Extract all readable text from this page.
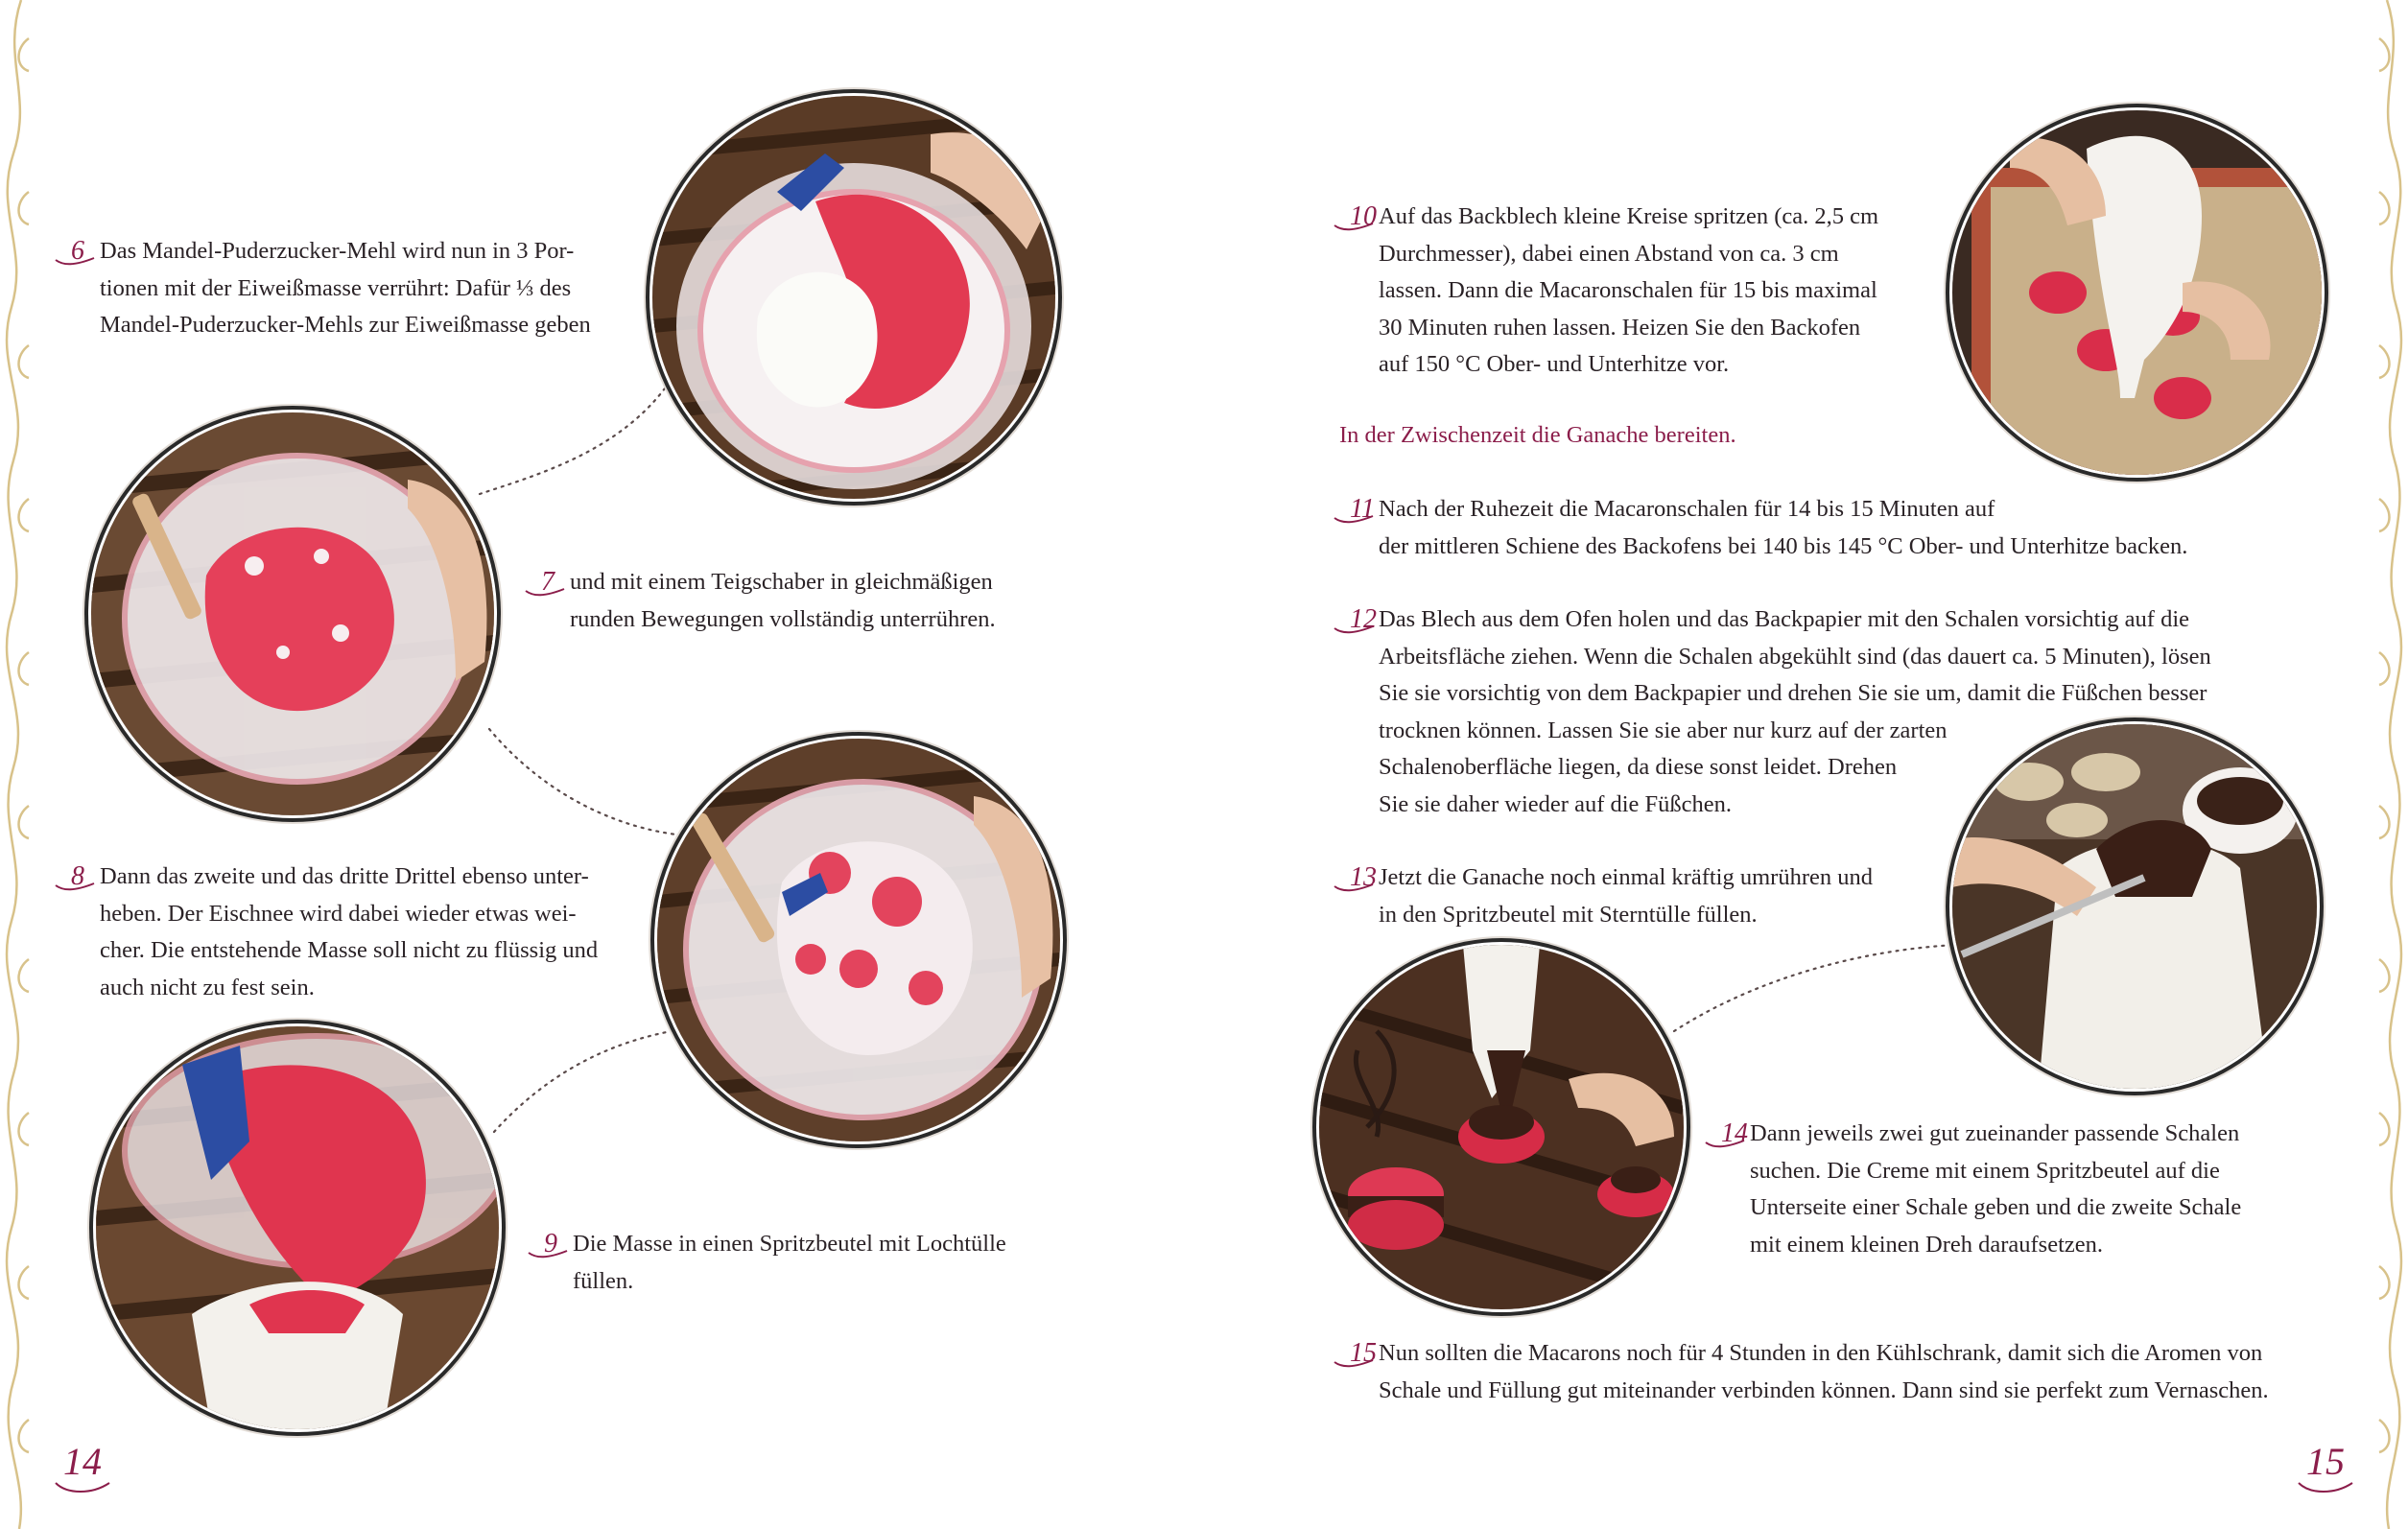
6 Das Mandel-Puderzucker-Mehl wird nun in 3 Por-
tionen mit der Eiweißmasse verrührt: Dafür ⅓ des
Mandel-Puderzucker-Mehls zur Eiweißmasse geben
7 und mit einem Teigschaber in gleichmäßigen
runden Bewegungen vollständig unterrühren.
8 Dann das zweite und das dritte Drittel ebenso unter-
heben. Der Eischnee wird dabei wieder etwas wei-
cher. Die entstehende Masse soll nicht zu flüssig und
auch nicht zu fest sein.
9 Die Masse in einen Spritzbeutel mit Lochtülle
füllen.
10 Auf das Backblech kleine Kreise spritzen (ca. 2,5 cm
Durchmesser), dabei einen Abstand von ca. 3 cm
lassen. Dann die Macaronschalen für 15 bis maximal
30 Minuten ruhen lassen. Heizen Sie den Backofen
auf 150 °C Ober- und Unterhitze vor.
In der Zwischenzeit die Ganache bereiten.
11 Nach der Ruhezeit die Macaronschalen für 14 bis 15 Minuten auf
der mittleren Schiene des Backofens bei 140 bis 145 °C Ober- und Unterhitze backen.
12 Das Blech aus dem Ofen holen und das Backpapier mit den Schalen vorsichtig auf die
Arbeitsfläche ziehen. Wenn die Schalen abgekühlt sind (das dauert ca. 5 Minuten), lösen
Sie sie vorsichtig von dem Backpapier und drehen Sie sie um, damit die Füßchen besser
trocknen können. Lassen Sie sie aber nur kurz auf der zarten
Schalenoberfläche liegen, da diese sonst leidet. Drehen
Sie sie daher wieder auf die Füßchen.
13 Jetzt die Ganache noch einmal kräftig umrühren und
in den Spritzbeutel mit Sterntülle füllen.
14 Dann jeweils zwei gut zueinander passende Schalen
suchen. Die Creme mit einem Spritzbeutel auf die
Unterseite einer Schale geben und die zweite Schale
mit einem kleinen Dreh daraufsetzen.
15 Nun sollten die Macarons noch für 4 Stunden in den Kühlschrank, damit sich die Aromen von
Schale und Füllung gut miteinander verbinden können. Dann sind sie perfekt zum Vernaschen.
14	15
